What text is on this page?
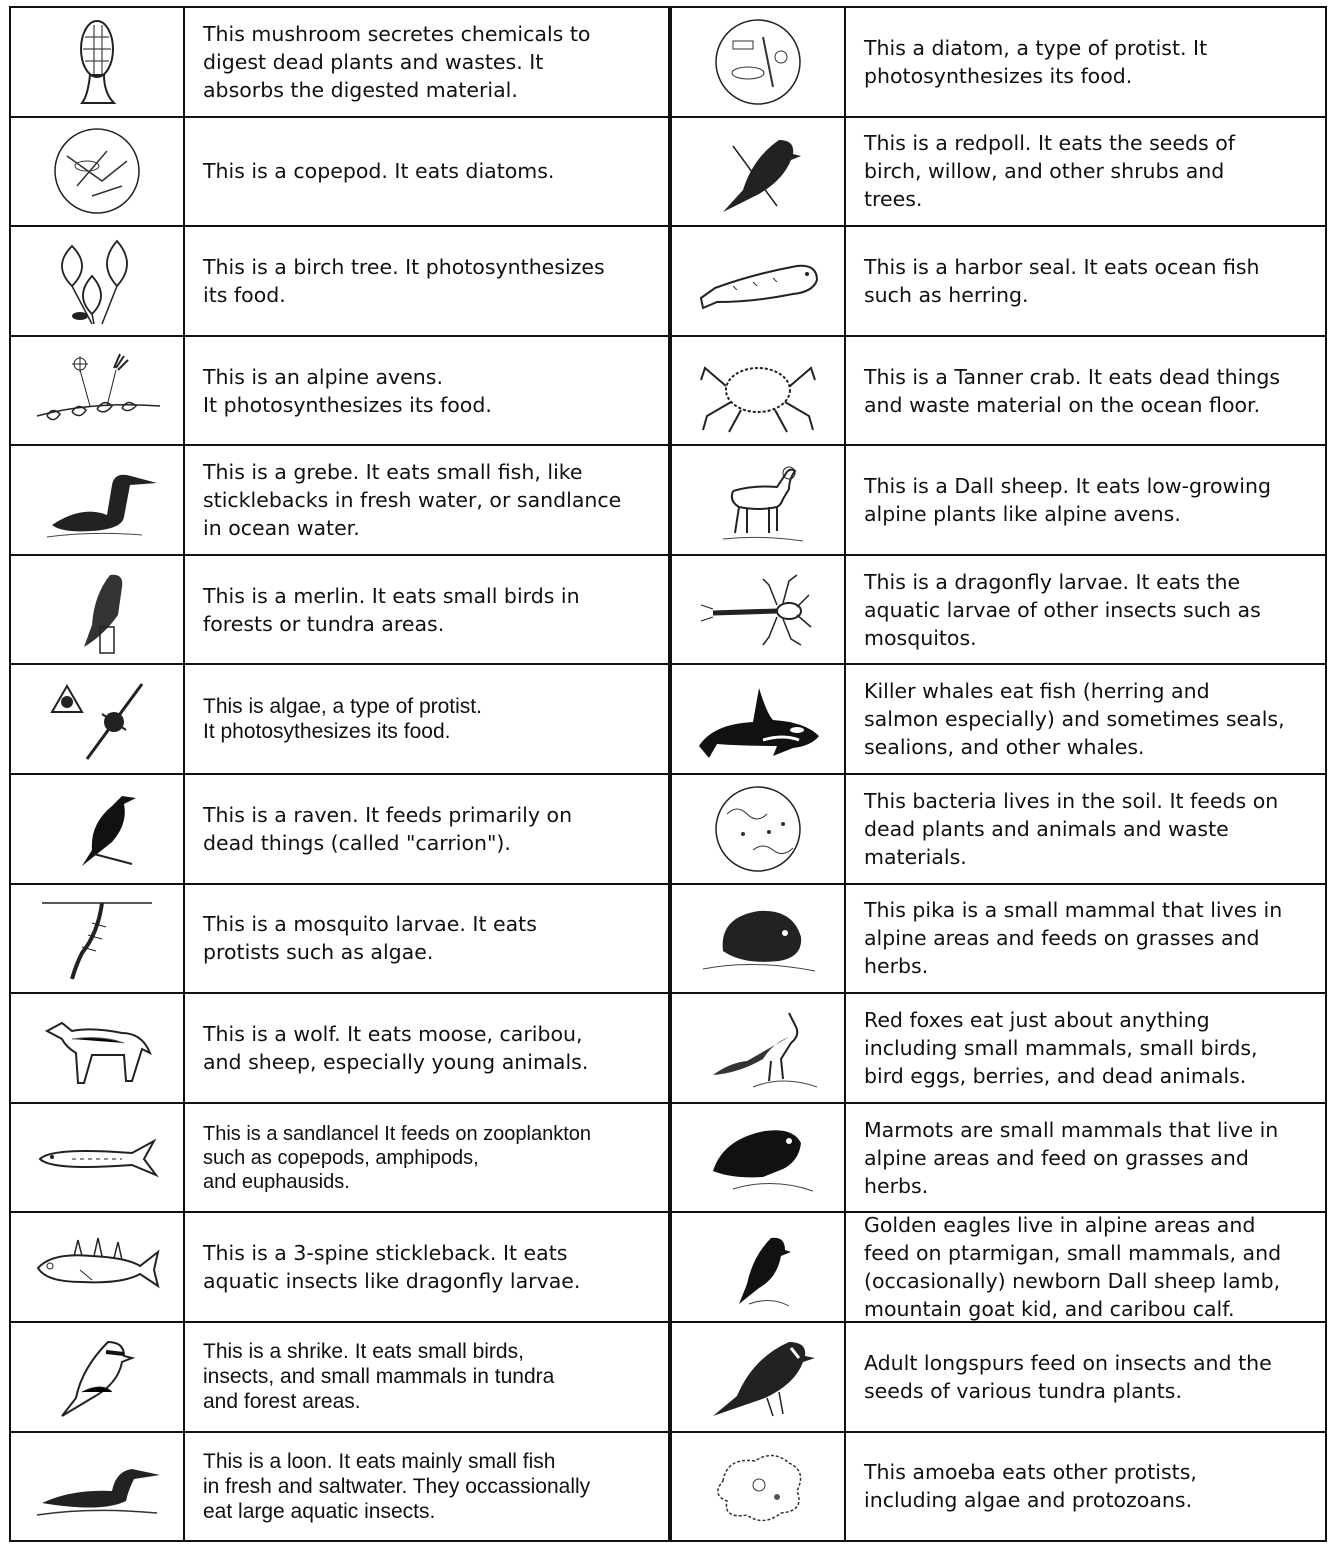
This mushroom secretes chemicals to
digest dead plants and wastes. It
absorbs the digested material.
This is a copepod. It eats diatoms.
This is a birch tree. It photosynthesizes
its food.
This is an alpine avens.
It photosynthesizes its food.
This is a grebe. It eats small fish, like
sticklebacks in fresh water, or sandlance
in ocean water.
This is a merlin. It eats small birds in
forests or tundra areas.
This is algae, a type of protist.
It photosythesizes its food.
This is a raven. It feeds primarily on
dead things (called "carrion").
This is a mosquito larvae. It eats
protists such as algae.
This is a wolf. It eats moose, caribou,
and sheep, especially young animals.
This is a sandlancel It feeds on zooplankton
such as copepods, amphipods,
and euphausids.
This is a 3-spine stickleback. It eats
aquatic insects like dragonfly larvae.
This is a shrike. It eats small birds,
insects, and small mammals in tundra
and forest areas.
This is a loon. It eats mainly small fish
in fresh and saltwater. They occassionally
eat large aquatic insects.
This a diatom, a type of protist. It
photosynthesizes its food.
This is a redpoll. It eats the seeds of
birch, willow, and other shrubs and
trees.
This is a harbor seal. It eats ocean fish
such as herring.
This is a Tanner crab. It eats dead things
and waste material on the ocean floor.
This is a Dall sheep. It eats low-growing
alpine plants like alpine avens.
This is a dragonfly larvae. It eats the
aquatic larvae of other insects such as
mosquitos.
Killer whales eat fish (herring and
salmon especially) and sometimes seals,
sealions, and other whales.
This bacteria lives in the soil. It feeds on
dead plants and animals and waste
materials.
This pika is a small mammal that lives in
alpine areas and feeds on grasses and
herbs.
Red foxes eat just about anything
including small mammals, small birds,
bird eggs, berries, and dead animals.
Marmots are small mammals that live in
alpine areas and feed on grasses and
herbs.
Golden eagles live in alpine areas and
feed on ptarmigan, small mammals, and
(occasionally) newborn Dall sheep lamb,
mountain goat kid, and caribou calf.
Adult longspurs feed on insects and the
seeds of various tundra plants.
This amoeba eats other protists,
including algae and protozoans.
